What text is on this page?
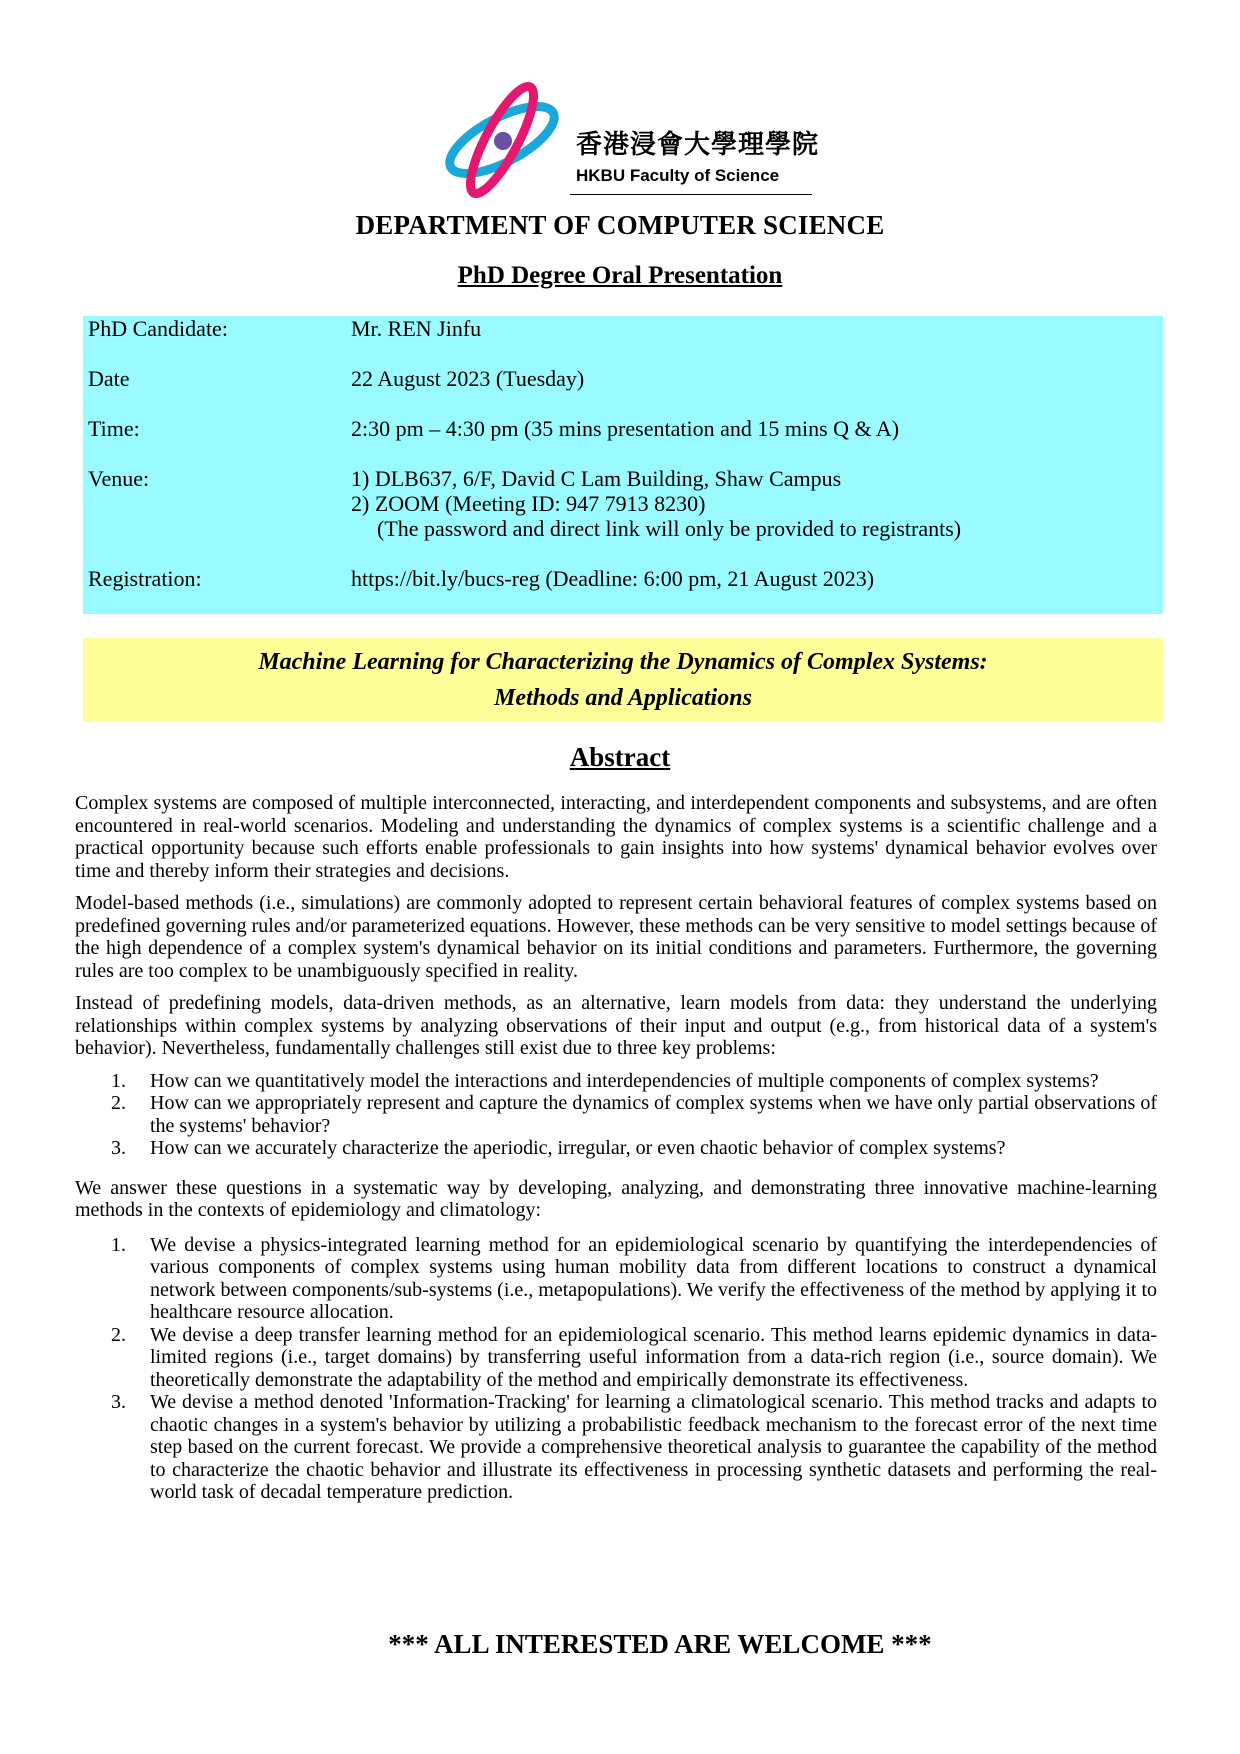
香港浸會大學理學院
HKBU Faculty of Science
DEPARTMENT OF COMPUTER SCIENCE
PhD Degree Oral Presentation
PhD Candidate:	Mr. REN Jinfu
Date	22 August 2023 (Tuesday)
Time:	2:30 pm – 4:30 pm (35 mins presentation and 15 mins Q & A)
Venue:	1) DLB637, 6/F, David C Lam Building, Shaw Campus
2) ZOOM (Meeting ID: 947 7913 8230)
(The password and direct link will only be provided to registrants)
Registration:	https://bit.ly/bucs-reg (Deadline: 6:00 pm, 21 August 2023)
Machine Learning for Characterizing the Dynamics of Complex Systems:
Methods and Applications
Abstract

Complex systems are composed of multiple interconnected, interacting, and interdependent components and subsystems, and are often encountered in real-world scenarios. Modeling and understanding the dynamics of complex systems is a scientific challenge and a practical opportunity because such efforts enable professionals to gain insights into how systems' dynamical behavior evolves over time and thereby inform their strategies and decisions.

Model-based methods (i.e., simulations) are commonly adopted to represent certain behavioral features of complex systems based on predefined governing rules and/or parameterized equations. However, these methods can be very sensitive to model settings because of the high dependence of a complex system's dynamical behavior on its initial conditions and parameters. Furthermore, the governing rules are too complex to be unambiguously specified in reality.

Instead of predefining models, data-driven methods, as an alternative, learn models from data: they understand the underlying relationships within complex systems by analyzing observations of their input and output (e.g., from historical data of a system's behavior). Nevertheless, fundamentally challenges still exist due to three key problems:

1. How can we quantitatively model the interactions and interdependencies of multiple components of complex systems?
2. How can we appropriately represent and capture the dynamics of complex systems when we have only partial observations of the systems' behavior?
3. How can we accurately characterize the aperiodic, irregular, or even chaotic behavior of complex systems?

We answer these questions in a systematic way by developing, analyzing, and demonstrating three innovative machine-learning methods in the contexts of epidemiology and climatology:

1. We devise a physics-integrated learning method for an epidemiological scenario by quantifying the interdependencies of various components of complex systems using human mobility data from different locations to construct a dynamical network between components/sub-systems (i.e., metapopulations). We verify the effectiveness of the method by applying it to healthcare resource allocation.
2. We devise a deep transfer learning method for an epidemiological scenario. This method learns epidemic dynamics in data-limited regions (i.e., target domains) by transferring useful information from a data-rich region (i.e., source domain). We theoretically demonstrate the adaptability of the method and empirically demonstrate its effectiveness.
3. We devise a method denoted 'Information-Tracking' for learning a climatological scenario. This method tracks and adapts to chaotic changes in a system's behavior by utilizing a probabilistic feedback mechanism to the forecast error of the next time step based on the current forecast. We provide a comprehensive theoretical analysis to guarantee the capability of the method to characterize the chaotic behavior and illustrate its effectiveness in processing synthetic datasets and performing the real-world task of decadal temperature prediction.
*** ALL INTERESTED ARE WELCOME ***
